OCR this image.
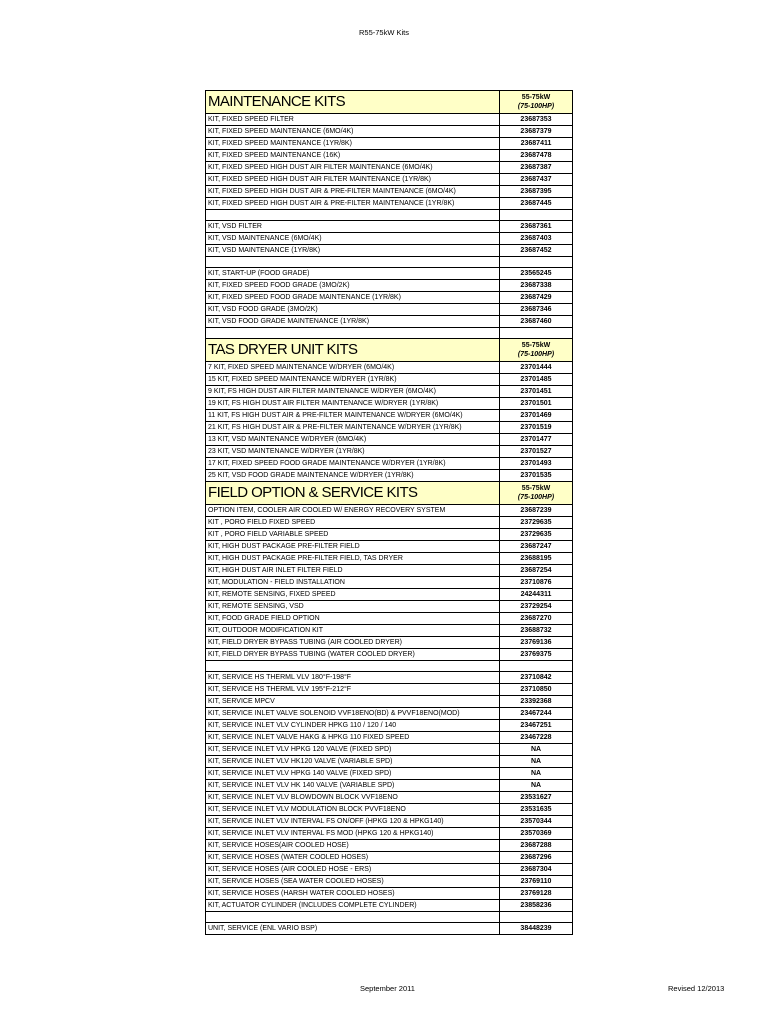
R55-75kW Kits
MAINTENANCE KITS	55-75kW
(75-100HP)
KIT, FIXED SPEED FILTER	23687353
KIT, FIXED SPEED MAINTENANCE (6MO/4K)	23687379
KIT, FIXED SPEED MAINTENANCE (1YR/8K)	23687411
KIT, FIXED SPEED MAINTENANCE (16K)	23687478
KIT, FIXED SPEED HIGH DUST AIR FILTER MAINTENANCE (6MO/4K)	23687387
KIT, FIXED SPEED HIGH DUST AIR FILTER MAINTENANCE (1YR/8K)	23687437
KIT, FIXED SPEED HIGH DUST AIR & PRE-FILTER MAINTENANCE (6MO/4K)	23687395
KIT, FIXED SPEED HIGH DUST AIR & PRE-FILTER MAINTENANCE (1YR/8K)	23687445

KIT, VSD FILTER	23687361
KIT, VSD MAINTENANCE (6MO/4K)	23687403
KIT, VSD MAINTENANCE (1YR/8K)	23687452

KIT, START-UP (FOOD GRADE)	23565245
KIT, FIXED SPEED FOOD GRADE (3MO/2K)	23687338
KIT, FIXED SPEED FOOD GRADE MAINTENANCE (1YR/8K)	23687429
KIT, VSD FOOD GRADE (3MO/2K)	23687346
KIT, VSD FOOD GRADE MAINTENANCE (1YR/8K)	23687460

TAS DRYER UNIT KITS	55-75kW
(75-100HP)
7 KIT, FIXED SPEED MAINTENANCE W/DRYER (6MO/4K)	23701444
15 KIT, FIXED SPEED MAINTENANCE W/DRYER (1YR/8K)	23701485
9 KIT, FS HIGH DUST AIR FILTER MAINTENANCE W/DRYER (6MO/4K)	23701451
19 KIT, FS HIGH DUST AIR FILTER MAINTENANCE W/DRYER (1YR/8K)	23701501
11 KIT, FS HIGH DUST AIR & PRE-FILTER MAINTENANCE W/DRYER (6MO/4K)	23701469
21 KIT, FS HIGH DUST AIR & PRE-FILTER MAINTENANCE W/DRYER (1YR/8K)	23701519
13 KIT, VSD MAINTENANCE W/DRYER (6MO/4K)	23701477
23 KIT, VSD MAINTENANCE W/DRYER (1YR/8K)	23701527
17 KIT, FIXED SPEED FOOD GRADE MAINTENANCE W/DRYER (1YR/8K)	23701493
25 KIT, VSD FOOD GRADE MAINTENANCE W/DRYER (1YR/8K)	23701535
FIELD OPTION & SERVICE KITS	55-75kW
(75-100HP)
OPTION ITEM, COOLER AIR COOLED W/ ENERGY RECOVERY SYSTEM	23687239
KIT , PORO FIELD FIXED SPEED	23729635
KIT , PORO FIELD VARIABLE SPEED	23729635
KIT, HIGH DUST PACKAGE PRE-FILTER FIELD	23687247
KIT, HIGH DUST PACKAGE PRE-FILTER FIELD, TAS DRYER	23688195
KIT, HIGH DUST AIR INLET FILTER FIELD	23687254
KIT, MODULATION - FIELD INSTALLATION	23710876
KIT, REMOTE SENSING, FIXED SPEED	24244311
KIT, REMOTE SENSING, VSD	23729254
KIT, FOOD GRADE FIELD OPTION	23687270
KIT, OUTDOOR MODIFICATION KIT	23688732
KIT, FIELD DRYER BYPASS TUBING (AIR COOLED DRYER)	23769136
KIT, FIELD DRYER BYPASS TUBING (WATER COOLED DRYER)	23769375

KIT, SERVICE HS THERML VLV 180°F-198°F	23710842
KIT, SERVICE HS THERML VLV 195°F-212°F	23710850
KIT, SERVICE MPCV	23392368
KIT, SERVICE INLET VALVE SOLENOID VVF18ENO(BD) & PVVF18ENO(MOD)	23467244
KIT, SERVICE INLET VLV CYLINDER HPKG 110 / 120 / 140	23467251
KIT, SERVICE INLET VALVE HAKG & HPKG 110 FIXED SPEED	23467228
KIT, SERVICE INLET VLV HPKG 120 VALVE (FIXED SPD)	NA
KIT, SERVICE INLET VLV HK120 VALVE (VARIABLE SPD)	NA
KIT, SERVICE INLET VLV HPKG 140 VALVE (FIXED SPD)	NA
KIT, SERVICE INLET VLV HK 140 VALVE (VARIABLE SPD)	NA
KIT, SERVICE INLET VLV BLOWDOWN BLOCK VVF18ENO	23531627
KIT, SERVICE INLET VLV MODULATION BLOCK PVVF18ENO	23531635
KIT, SERVICE INLET VLV INTERVAL FS ON/OFF (HPKG 120 & HPKG140)	23570344
KIT, SERVICE INLET VLV INTERVAL FS MOD (HPKG 120 & HPKG140)	23570369
KIT, SERVICE HOSES(AIR COOLED HOSE)	23687288
KIT, SERVICE HOSES (WATER COOLED HOSES)	23687296
KIT, SERVICE HOSES (AIR COOLED HOSE - ERS)	23687304
KIT, SERVICE HOSES (SEA WATER COOLED HOSES)	23769110
KIT, SERVICE HOSES (HARSH WATER COOLED HOSES)	23769128
KIT, ACTUATOR CYLINDER (INCLUDES COMPLETE CYLINDER)	23858236

UNIT, SERVICE (ENL VARIO BSP)	38448239
September 2011	Revised 12/2013
